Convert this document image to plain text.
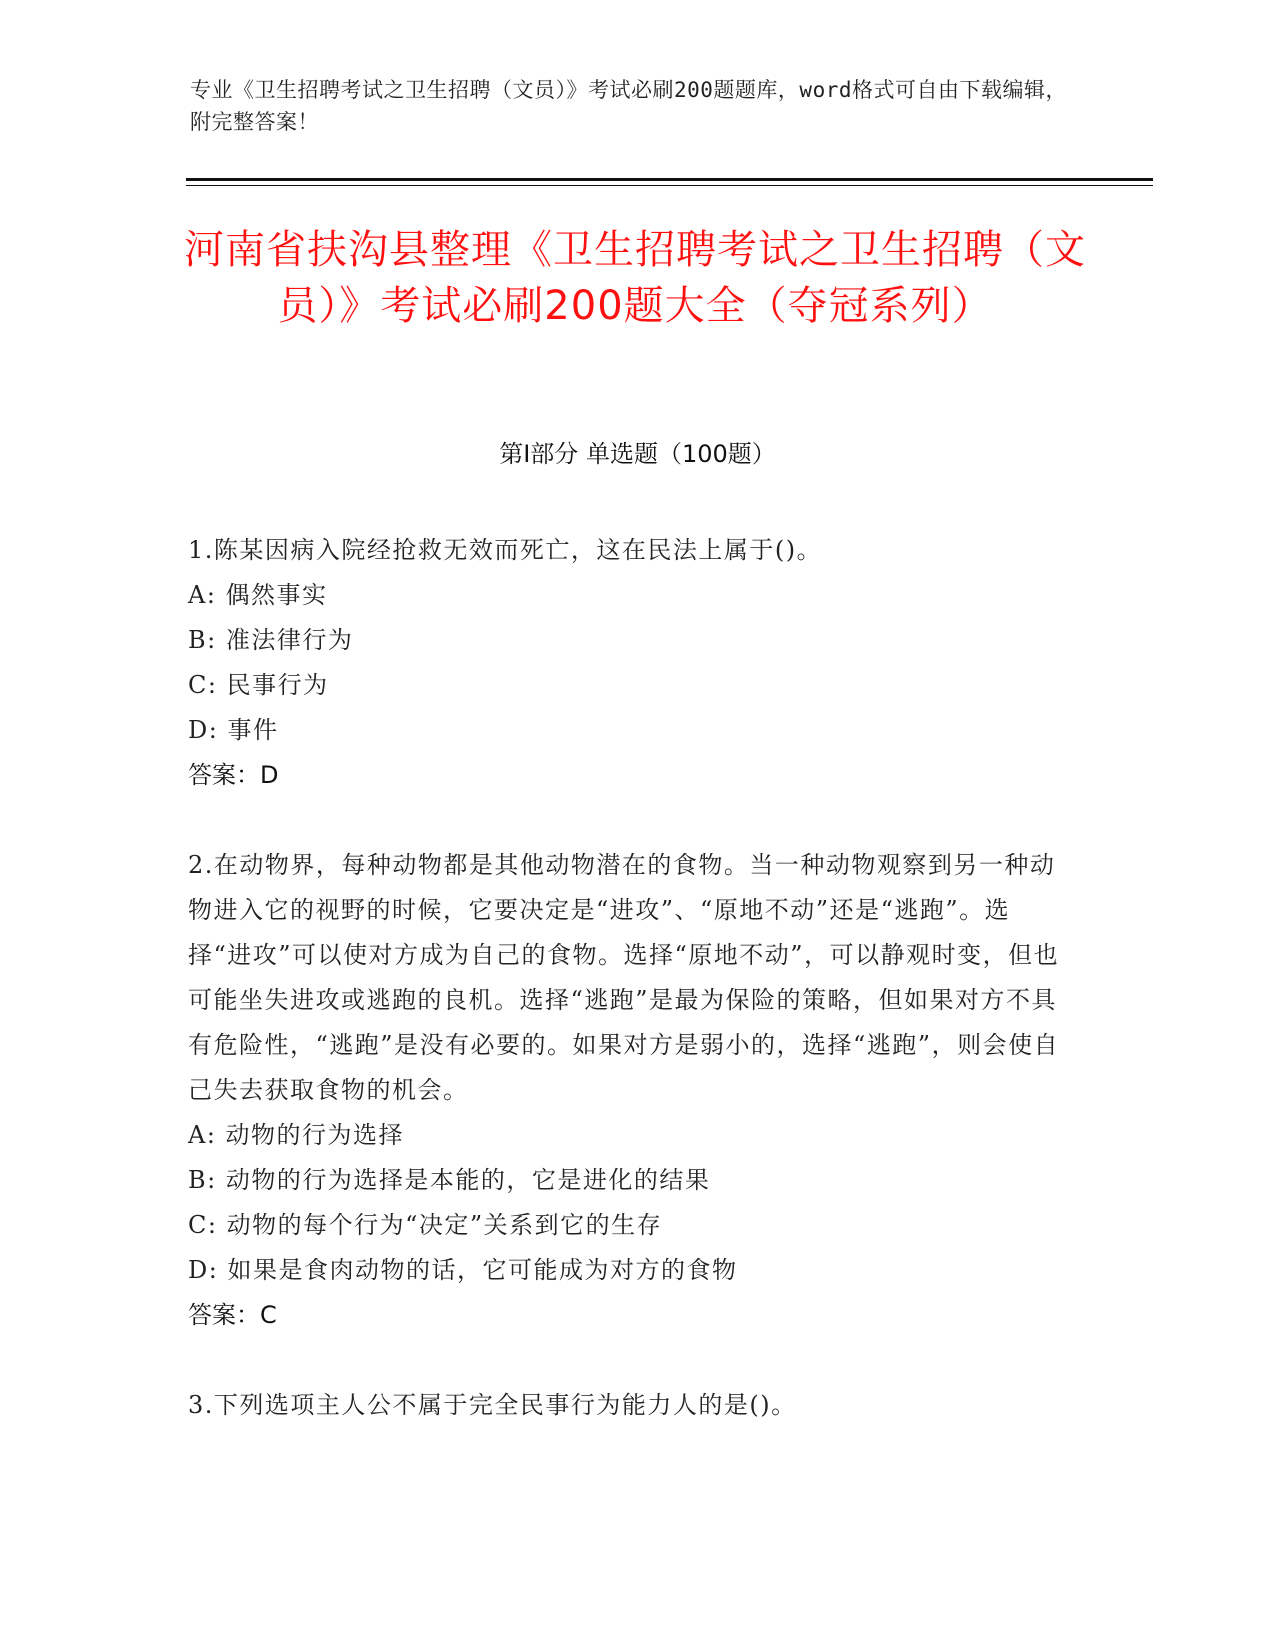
专业《卫生招聘考试之卫生招聘（文员）》考试必刷200题题库，word格式可自由下载编辑，附完整答案！
河南省扶沟县整理《卫生招聘考试之卫生招聘（文员）》考试必刷200题大全（夺冠系列）
第Ⅰ部分 单选题（100题）
1.陈某因病入院经抢救无效而死亡，这在民法上属于()。
A: 偶然事实
B: 准法律行为
C: 民事行为
D: 事件
答案：D
2.在动物界，每种动物都是其他动物潜在的食物。当一种动物观察到另一种动物进入它的视野的时候，它要决定是“进攻”、“原地不动”还是“逃跑”。选择“进攻”可以使对方成为自己的食物。选择“原地不动”，可以静观时变，但也可能坐失进攻或逃跑的良机。选择“逃跑”是最为保险的策略，但如果对方不具有危险性，“逃跑”是没有必要的。如果对方是弱小的，选择“逃跑”，则会使自己失去获取食物的机会。
A: 动物的行为选择
B: 动物的行为选择是本能的，它是进化的结果
C: 动物的每个行为“决定”关系到它的生存
D: 如果是食肉动物的话，它可能成为对方的食物
答案：C
3.下列选项主人公不属于完全民事行为能力人的是()。
